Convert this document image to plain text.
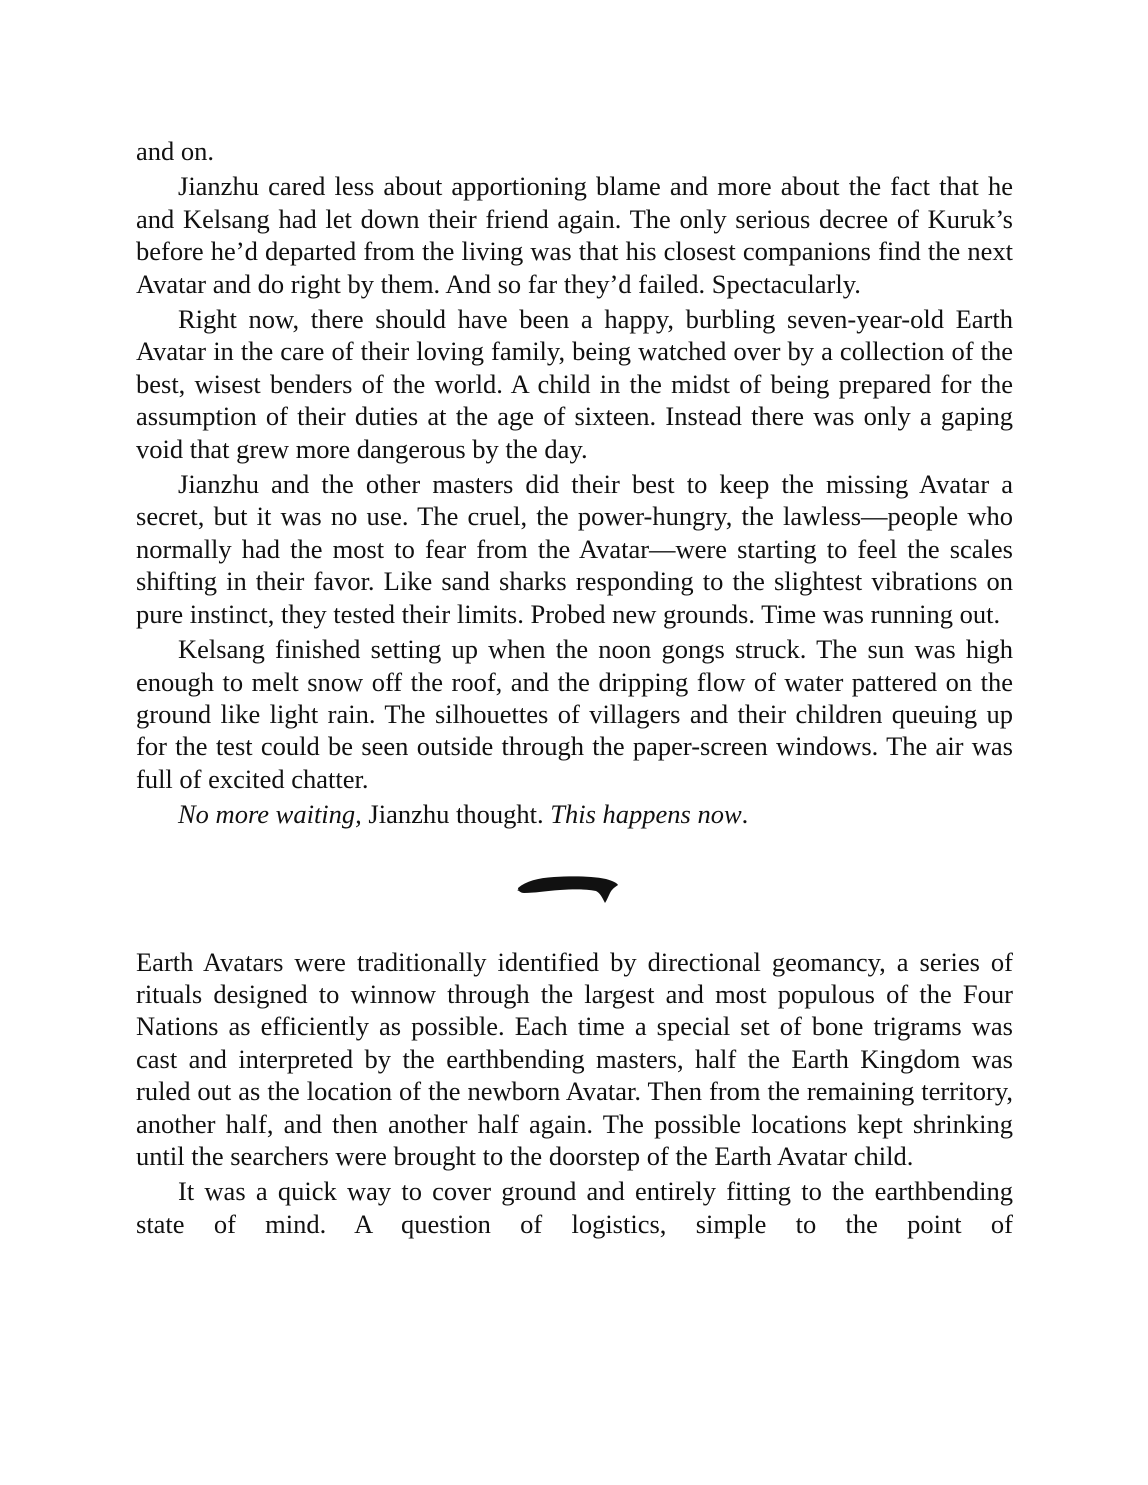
and on.

Jianzhu cared less about apportioning blame and more about the fact that he and Kelsang had let down their friend again. The only serious decree of Kuruk’s before he’d departed from the living was that his closest companions find the next Avatar and do right by them. And so far they’d failed. Spectacularly.

Right now, there should have been a happy, burbling seven-year-old Earth Avatar in the care of their loving family, being watched over by a collection of the best, wisest benders of the world. A child in the midst of being prepared for the assumption of their duties at the age of sixteen. Instead there was only a gaping void that grew more dangerous by the day.

Jianzhu and the other masters did their best to keep the missing Avatar a secret, but it was no use. The cruel, the power-hungry, the lawless—people who normally had the most to fear from the Avatar—were starting to feel the scales shifting in their favor. Like sand sharks responding to the slightest vibrations on pure instinct, they tested their limits. Probed new grounds. Time was running out.

Kelsang finished setting up when the noon gongs struck. The sun was high enough to melt snow off the roof, and the dripping flow of water pattered on the ground like light rain. The silhouettes of villagers and their children queuing up for the test could be seen outside through the paper-screen windows. The air was full of excited chatter.

No more waiting, Jianzhu thought. This happens now.

Earth Avatars were traditionally identified by directional geomancy, a series of rituals designed to winnow through the largest and most populous of the Four Nations as efficiently as possible. Each time a special set of bone trigrams was cast and interpreted by the earthbending masters, half the Earth Kingdom was ruled out as the location of the newborn Avatar. Then from the remaining territory, another half, and then another half again. The possible locations kept shrinking until the searchers were brought to the doorstep of the Earth Avatar child.

It was a quick way to cover ground and entirely fitting to the earthbending state of mind. A question of logistics, simple to the point of
